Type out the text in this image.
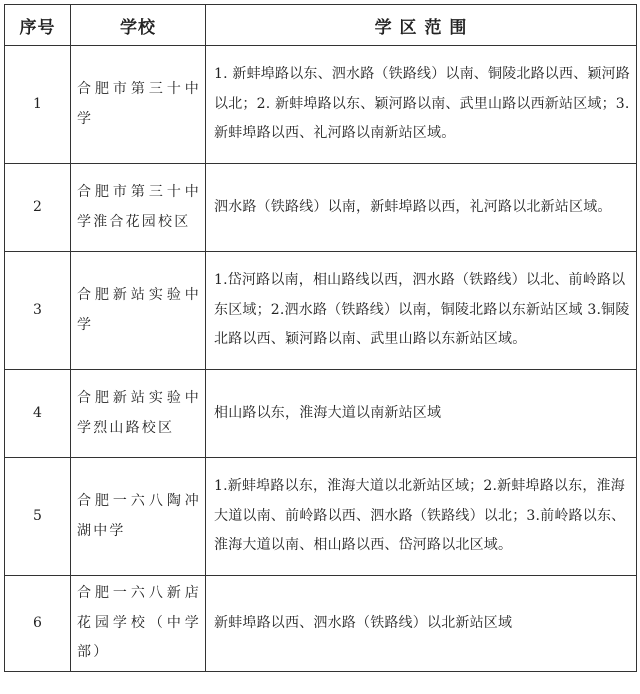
序号	学校	学 区 范 围
1	合肥市第三十中学	1. 新蚌埠路以东、泗水路（铁路线）以南、铜陵北路以西、颖河路以北；2. 新蚌埠路以东、颖河路以南、武里山路以西新站区域；3. 新蚌埠路以西、礼河路以南新站区域。
2	合肥市第三十中学淮合花园校区	泗水路（铁路线）以南，新蚌埠路以西，礼河路以北新站区域。
3	合肥新站实验中学	1.岱河路以南，相山路线以西，泗水路（铁路线）以北、前岭路以东区域；2.泗水路（铁路线）以南，铜陵北路以东新站区域 3.铜陵北路以西、颖河路以南、武里山路以东新站区域。
4	合肥新站实验中学烈山路校区	相山路以东，淮海大道以南新站区域
5	合肥一六八陶冲湖中学	1.新蚌埠路以东，淮海大道以北新站区域；2.新蚌埠路以东，淮海大道以南、前岭路以西、泗水路（铁路线）以北；3.前岭路以东、淮海大道以南、相山路以西、岱河路以北区域。
6	合肥一六八新店花园学校（中学部）	新蚌埠路以西、泗水路（铁路线）以北新站区域
